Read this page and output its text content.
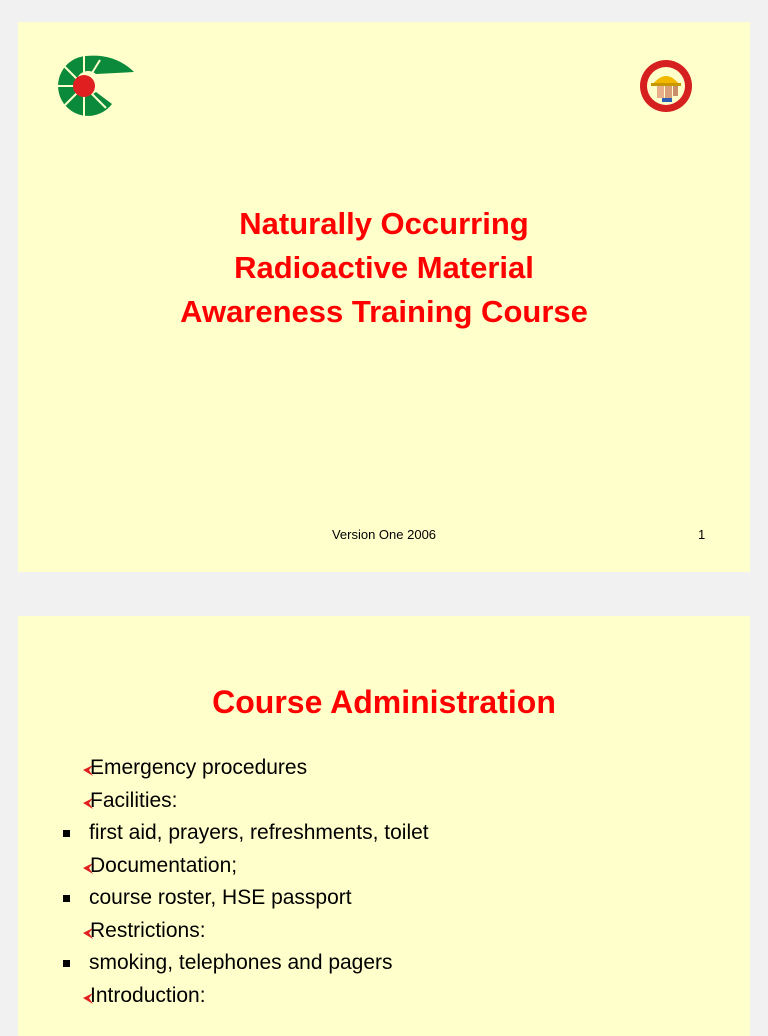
Naturally Occurring
Radioactive Material
Awareness Training Course
Version One 2006	1
Course Administration
Emergency procedures
Facilities:
first aid, prayers, refreshments, toilet
Documentation;
course roster, HSE passport
Restrictions:
smoking, telephones and pagers
Introduction:
